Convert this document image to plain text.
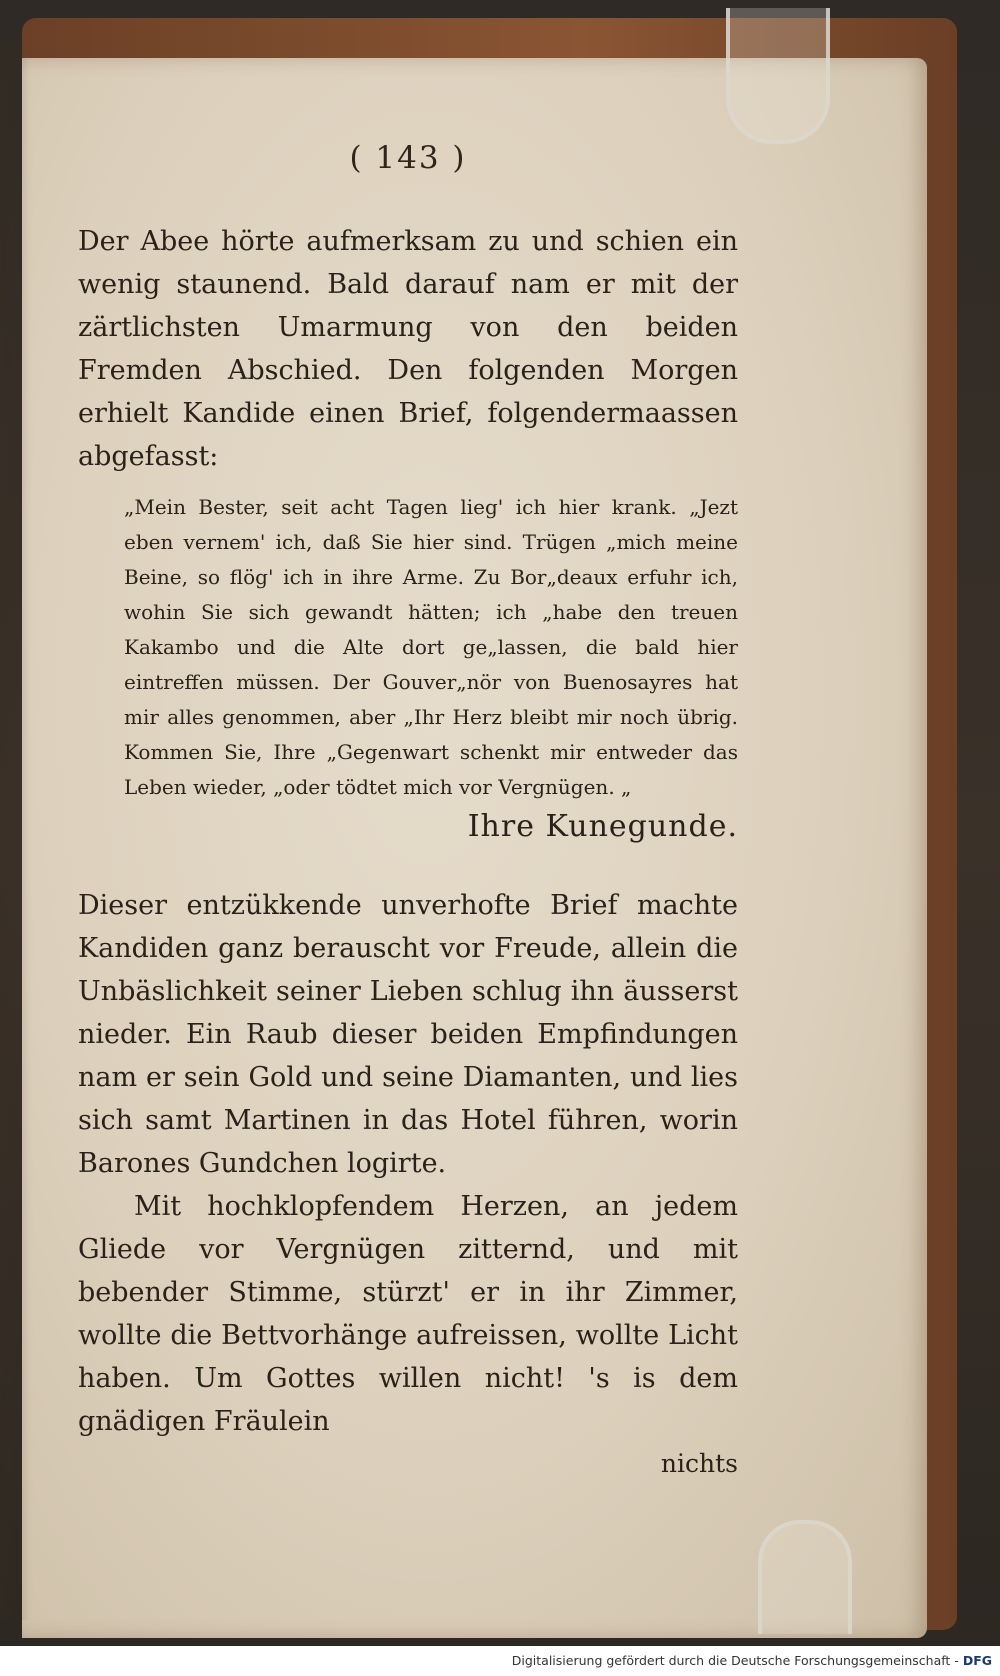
( 143 )

Der Abee hörte aufmerksam zu und schien ein wenig staunend. Bald darauf nam er mit der zärtlichsten Umarmung von den beiden Fremden Abschied. Den folgenden Morgen erhielt Kandide einen Brief, folgendermaassen abgefasst:

„Mein Bester, seit acht Tagen lieg' ich hier krank. „Jezt eben vernem' ich, daß Sie hier sind. Trügen „mich meine Beine, so flög' ich in ihre Arme. Zu Bor„deaux erfuhr ich, wohin Sie sich gewandt hätten; ich „habe den treuen Kakambo und die Alte dort ge„lassen, die bald hier eintreffen müssen. Der Gouver„nör von Buenosayres hat mir alles genommen, aber „Ihr Herz bleibt mir noch übrig. Kommen Sie, Ihre „Gegenwart schenkt mir entweder das Leben wieder, „oder tödtet mich vor Vergnügen. „

Ihre Kunegunde.

Dieser entzükkende unverhofte Brief machte Kandiden ganz berauscht vor Freude, allein die Unbäslichkeit seiner Lieben schlug ihn äusserst nieder. Ein Raub dieser beiden Empfindungen nam er sein Gold und seine Diamanten, und lies sich samt Martinen in das Hotel führen, worin Barones Gundchen logirte.

Mit hochklopfendem Herzen, an jedem Gliede vor Vergnügen zitternd, und mit bebender Stimme, stürzt' er in ihr Zimmer, wollte die Bettvorhänge aufreissen, wollte Licht haben. Um Gottes willen nicht! 's is dem gnädigen Fräulein

nichts
Digitalisierung gefördert durch die Deutsche Forschungsgemeinschaft - DFG
